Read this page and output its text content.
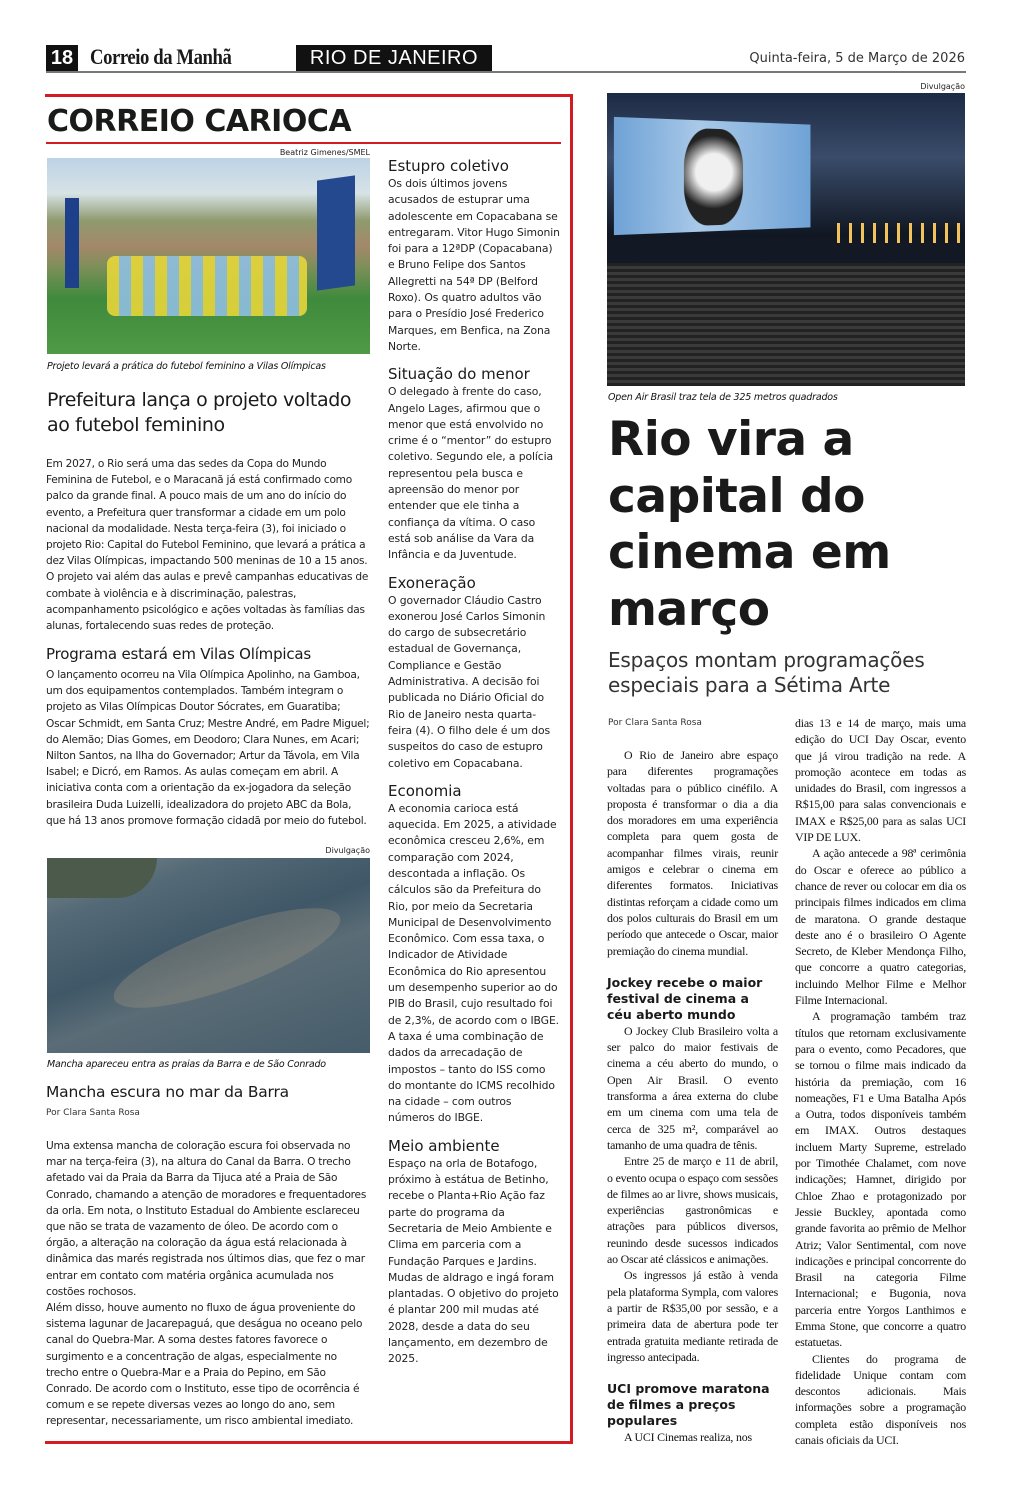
18 Correio da Manhã	RIO DE JANEIRO	Quinta-feira, 5 de Março de 2026
CORREIO CARIOCA
Beatriz Gimenes/SMEL
Projeto levará a prática do futebol feminino a Vilas Olímpicas
Prefeitura lança o projeto voltado ao futebol feminino
Em 2027, o Rio será uma das sedes da Copa do Mundo Feminina de Futebol, e o Maracanã já está confirmado como palco da grande final. A pouco mais de um ano do início do evento, a Prefeitura quer transformar a cidade em um polo nacional da modalidade. Nesta terça-feira (3), foi iniciado o projeto Rio: Capital do Futebol Feminino, que levará a prática a dez Vilas Olímpicas, impactando 500 meninas de 10 a 15 anos. O projeto vai além das aulas e prevê campanhas educativas de combate à violência e à discriminação, palestras, acompanhamento psicológico e ações voltadas às famílias das alunas, fortalecendo suas redes de proteção.
Programa estará em Vilas Olímpicas
O lançamento ocorreu na Vila Olímpica Apolinho, na Gamboa, um dos equipamentos contemplados. Também integram o projeto as Vilas Olímpicas Doutor Sócrates, em Guaratiba; Oscar Schmidt, em Santa Cruz; Mestre André, em Padre Miguel; do Alemão; Dias Gomes, em Deodoro; Clara Nunes, em Acari; Nilton Santos, na Ilha do Governador; Artur da Távola, em Vila Isabel; e Dicró, em Ramos. As aulas começam em abril. A iniciativa conta com a orientação da ex-jogadora da seleção brasileira Duda Luizelli, idealizadora do projeto ABC da Bola, que há 13 anos promove formação cidadã por meio do futebol.
Divulgação
Mancha apareceu entra as praias da Barra e de São Conrado
Mancha escura no mar da Barra
Por Clara Santa Rosa
Uma extensa mancha de coloração escura foi observada no mar na terça-feira (3), na altura do Canal da Barra. O trecho afetado vai da Praia da Barra da Tijuca até a Praia de São Conrado, chamando a atenção de moradores e frequentadores da orla. Em nota, o Instituto Estadual do Ambiente esclareceu que não se trata de vazamento de óleo. De acordo com o órgão, a alteração na coloração da água está relacionada à dinâmica das marés registrada nos últimos dias, que fez o mar entrar em contato com matéria orgânica acumulada nos costões rochosos.
Além disso, houve aumento no fluxo de água proveniente do sistema lagunar de Jacarepaguá, que deságua no oceano pelo canal do Quebra-Mar. A soma destes fatores favorece o surgimento e a concentração de algas, especialmente no trecho entre o Quebra-Mar e a Praia do Pepino, em São Conrado. De acordo com o Instituto, esse tipo de ocorrência é comum e se repete diversas vezes ao longo do ano, sem representar, necessariamente, um risco ambiental imediato.
Estupro coletivo

Os dois últimos jovens acusados de estuprar uma adolescente em Copacabana se entregaram. Vitor Hugo Simonin foi para a 12ªDP (Copacabana) e Bruno Felipe dos Santos Allegretti na 54ª DP (Belford Roxo). Os quatro adultos vão para o Presídio José Frederico Marques, em Benfica, na Zona Norte.

Situação do menor

O delegado à frente do caso, Angelo Lages, afirmou que o menor que está envolvido no crime é o “mentor” do estupro coletivo. Segundo ele, a polícia representou pela busca e apreensão do menor por entender que ele tinha a confiança da vítima. O caso está sob análise da Vara da Infância e da Juventude.

Exoneração

O governador Cláudio Castro exonerou José Carlos Simonin do cargo de subsecretário estadual de Governança, Compliance e Gestão Administrativa. A decisão foi publicada no Diário Oficial do Rio de Janeiro nesta quarta-feira (4). O filho dele é um dos suspeitos do caso de estupro coletivo em Copacabana.

Economia

A economia carioca está aquecida. Em 2025, a atividade econômica cresceu 2,6%, em comparação com 2024, descontada a inflação. Os cálculos são da Prefeitura do Rio, por meio da Secretaria Municipal de Desenvolvimento Econômico. Com essa taxa, o Indicador de Atividade Econômica do Rio apresentou um desempenho superior ao do PIB do Brasil, cujo resultado foi de 2,3%, de acordo com o IBGE. A taxa é uma combinação de dados da arrecadação de impostos – tanto do ISS como do montante do ICMS recolhido na cidade – com outros números do IBGE.

Meio ambiente

Espaço na orla de Botafogo, próximo à estátua de Betinho, recebe o Planta+Rio Ação faz parte do programa da Secretaria de Meio Ambiente e Clima em parceria com a Fundação Parques e Jardins. Mudas de aldrago e ingá foram plantadas. O objetivo do projeto é plantar 200 mil mudas até 2028, desde a data do seu lançamento, em dezembro de 2025.

Divulgação
Open Air Brasil traz tela de 325 metros quadrados
Rio vira a capital do cinema em março
Espaços montam programações especiais para a Sétima Arte
Por Clara Santa Rosa

O Rio de Janeiro abre espaço para diferentes programações voltadas para o público cinéfilo. A proposta é transformar o dia a dia dos moradores em uma experiência completa para quem gosta de acompanhar filmes virais, reunir amigos e celebrar o cinema em diferentes formatos. Iniciativas distintas reforçam a cidade como um dos polos culturais do Brasil em um período que antecede o Oscar, maior premiação do cinema mundial.

Jockey recebe o maior festival de cinema a céu aberto mundo

O Jockey Club Brasileiro volta a ser palco do maior festivais de cinema a céu aberto do mundo, o Open Air Brasil. O evento transforma a área externa do clube em um cinema com uma tela de cerca de 325 m², comparável ao tamanho de uma quadra de tênis.

Entre 25 de março e 11 de abril, o evento ocupa o espaço com sessões de filmes ao ar livre, shows musicais, experiências gastronômicas e atrações para públicos diversos, reunindo desde sucessos indicados ao Oscar até clássicos e animações.

Os ingressos já estão à venda pela plataforma Sympla, com valores a partir de R$35,00 por sessão, e a primeira data de abertura pode ter entrada gratuita mediante retirada de ingresso antecipada.

UCI promove maratona de filmes a preços populares

A UCI Cinemas realiza, nos

dias 13 e 14 de março, mais uma edição do UCI Day Oscar, evento que já virou tradição na rede. A promoção acontece em todas as unidades do Brasil, com ingressos a R$15,00 para salas convencionais e IMAX e R$25,00 para as salas UCI VIP DE LUX.

A ação antecede a 98ª cerimônia do Oscar e oferece ao público a chance de rever ou colocar em dia os principais filmes indicados em clima de maratona. O grande destaque deste ano é o brasileiro O Agente Secreto, de Kleber Mendonça Filho, que concorre a quatro categorias, incluindo Melhor Filme e Melhor Filme Internacional.

A programação também traz títulos que retornam exclusivamente para o evento, como Pecadores, que se tornou o filme mais indicado da história da premiação, com 16 nomeações, F1 e Uma Batalha Após a Outra, todos disponíveis também em IMAX. Outros destaques incluem Marty Supreme, estrelado por Timothée Chalamet, com nove indicações; Hamnet, dirigido por Chloe Zhao e protagonizado por Jessie Buckley, apontada como grande favorita ao prêmio de Melhor Atriz; Valor Sentimental, com nove indicações e principal concorrente do Brasil na categoria Filme Internacional; e Bugonia, nova parceria entre Yorgos Lanthimos e Emma Stone, que concorre a quatro estatuetas.

Clientes do programa de fidelidade Unique contam com descontos adicionais. Mais informações sobre a programação completa estão disponíveis nos canais oficiais da UCI.
